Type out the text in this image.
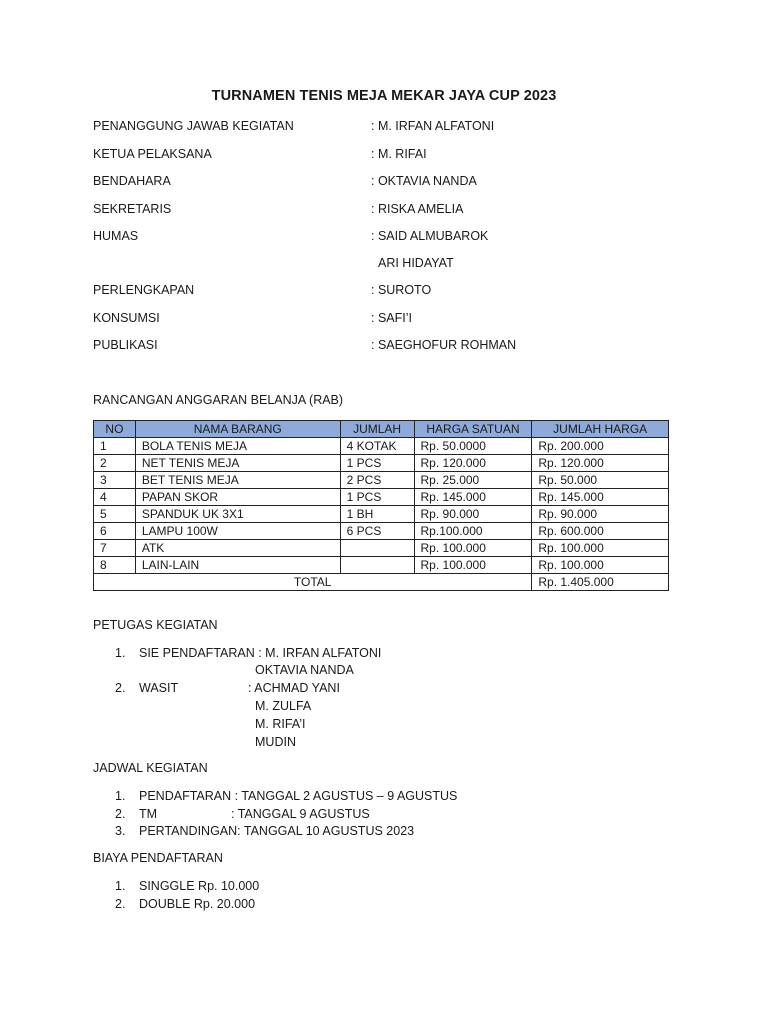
TURNAMEN TENIS MEJA MEKAR JAYA CUP 2023
PENANGGUNG JAWAB KEGIATAN	: M. IRFAN ALFATONI
KETUA PELAKSANA	: M. RIFAI
BENDAHARA	: OKTAVIA NANDA
SEKRETARIS	: RISKA AMELIA
HUMAS	: SAID ALMUBAROK
ARI HIDAYAT
PERLENGKAPAN	: SUROTO
KONSUMSI	: SAFI’I
PUBLIKASI	: SAEGHOFUR ROHMAN
RANCANGAN ANGGARAN BELANJA (RAB)
NO	NAMA BARANG	JUMLAH	HARGA SATUAN	JUMLAH HARGA
1	BOLA TENIS MEJA	4 KOTAK	Rp. 50.0000	Rp. 200.000
2	NET TENIS MEJA	1 PCS	Rp. 120.000	Rp. 120.000
3	BET TENIS MEJA	2 PCS	Rp. 25.000	Rp. 50.000
4	PAPAN SKOR	1 PCS	Rp. 145.000	Rp. 145.000
5	SPANDUK UK 3X1	1 BH	Rp. 90.000	Rp. 90.000
6	LAMPU 100W	6 PCS	Rp.100.000	Rp. 600.000
7	ATK		Rp. 100.000	Rp. 100.000
8	LAIN-LAIN		Rp. 100.000	Rp. 100.000
TOTAL				Rp. 1.405.000
PETUGAS KEGIATAN
1. SIE PENDAFTARAN : M. IRFAN ALFATONI
OKTAVIA NANDA
2. WASIT	: ACHMAD YANI
M. ZULFA
M. RIFA’I
MUDIN
JADWAL KEGIATAN
1. PENDAFTARAN : TANGGAL 2 AGUSTUS – 9 AGUSTUS
2. TM	: TANGGAL 9 AGUSTUS
3. PERTANDINGAN: TANGGAL 10 AGUSTUS 2023
BIAYA PENDAFTARAN
1. SINGGLE Rp. 10.000
2. DOUBLE Rp. 20.000
